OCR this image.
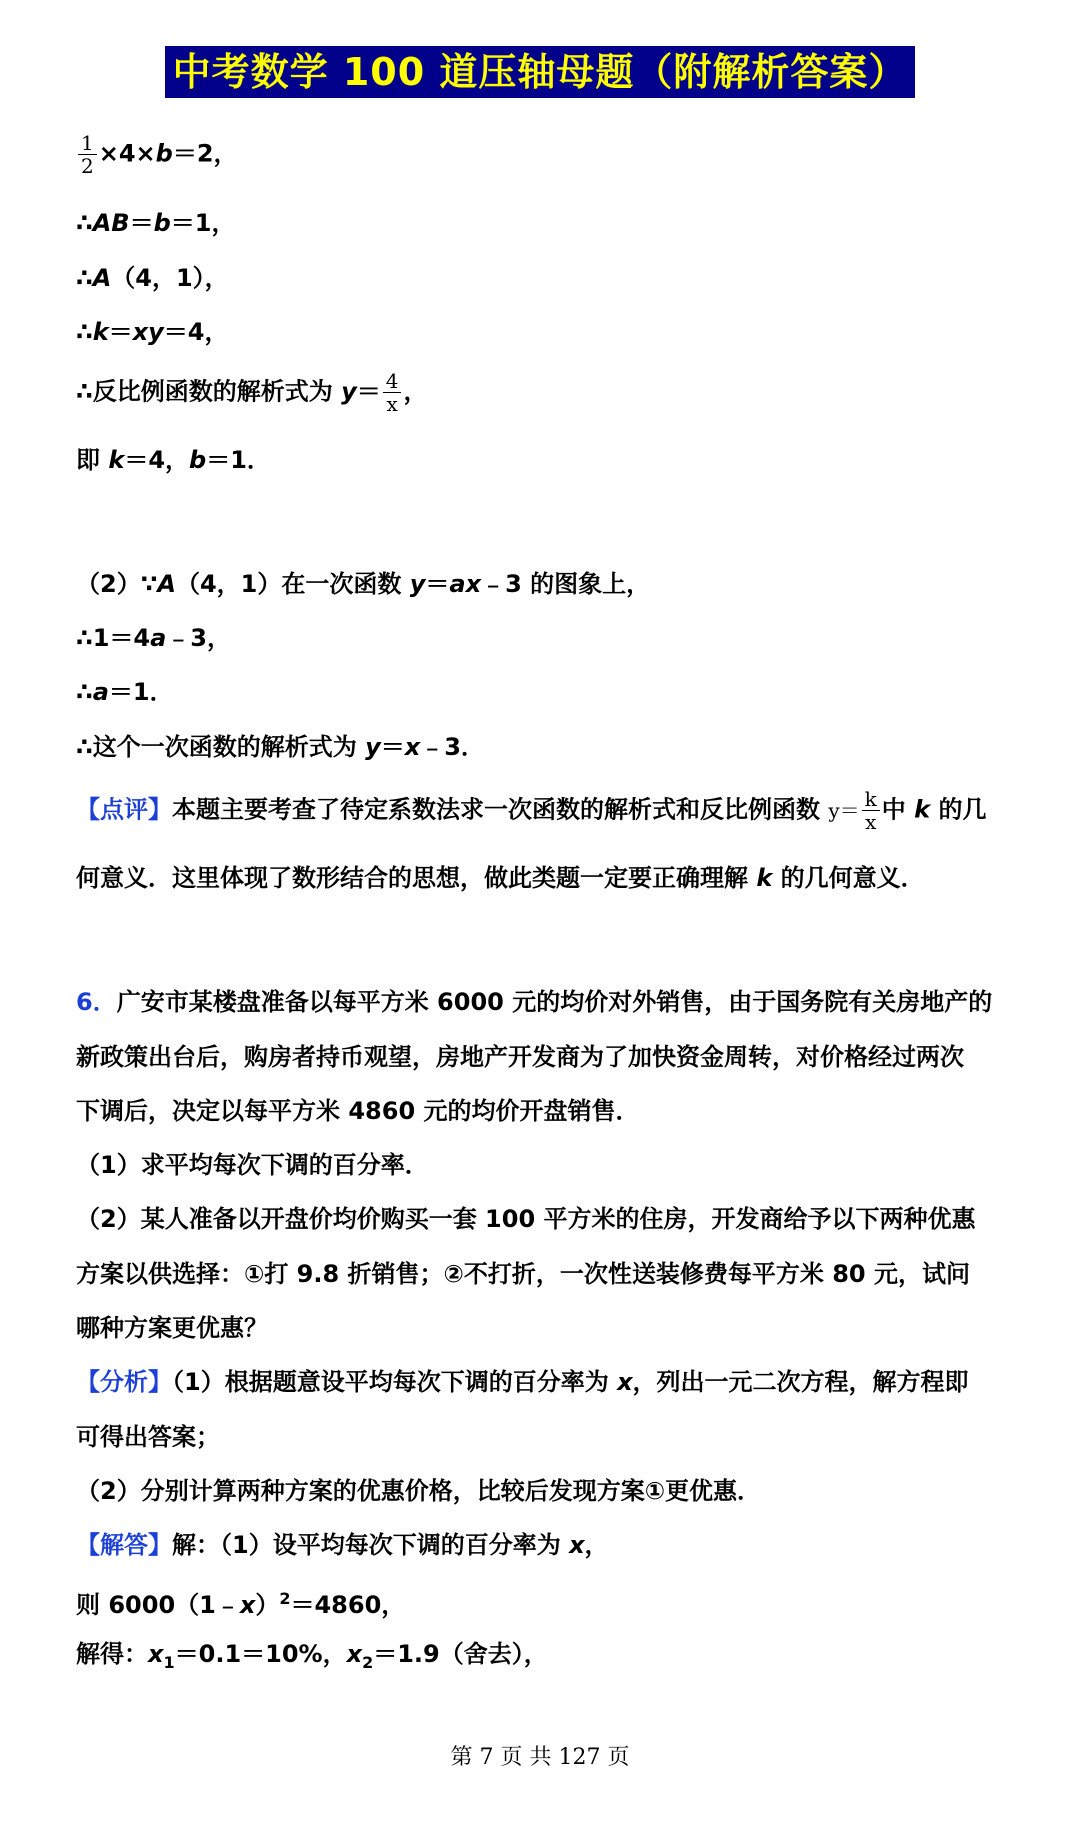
中考数学 100 道压轴母题（附解析答案）
$\frac{1}{2} \times 4\times b=2$，
∴AB＝b＝1，
∴A（4，1），
∴k＝xy＝4，
∴反比例函数的解析式为 $y= \frac{4}{x}$ ，
即 k＝4，b＝1．
（2）∵A（4，1）在一次函数 y＝ax﹣3 的图象上，
∴1＝4a﹣3，
∴a＝1．
∴这个一次函数的解析式为 y＝x﹣3．
【点评】本题主要考查了待定系数法求一次函数的解析式和反比例函数 $y= \frac{k}{x}$ 中 k 的几
何意义．这里体现了数形结合的思想，做此类题一定要正确理解 k 的几何意义．
6．广安市某楼盘准备以每平方米 6000 元的均价对外销售，由于国务院有关房地产的
新政策出台后，购房者持币观望，房地产开发商为了加快资金周转，对价格经过两次
下调后，决定以每平方米 4860 元的均价开盘销售．
（1）求平均每次下调的百分率．
（2）某人准备以开盘价均价购买一套 100 平方米的住房，开发商给予以下两种优惠
方案以供选择：①打 9.8 折销售；②不打折，一次性送装修费每平方米 80 元，试问
哪种方案更优惠？
【分析】（1）根据题意设平均每次下调的百分率为 x，列出一元二次方程，解方程即
可得出答案；
（2）分别计算两种方案的优惠价格，比较后发现方案①更优惠．
【解答】解：（1）设平均每次下调的百分率为 x，
则 6000（1﹣x）$^2$＝4860，
解得：$x_1=0.1=10\%$，$x_2=1.9$（舍去），
第 7 页 共 127 页
